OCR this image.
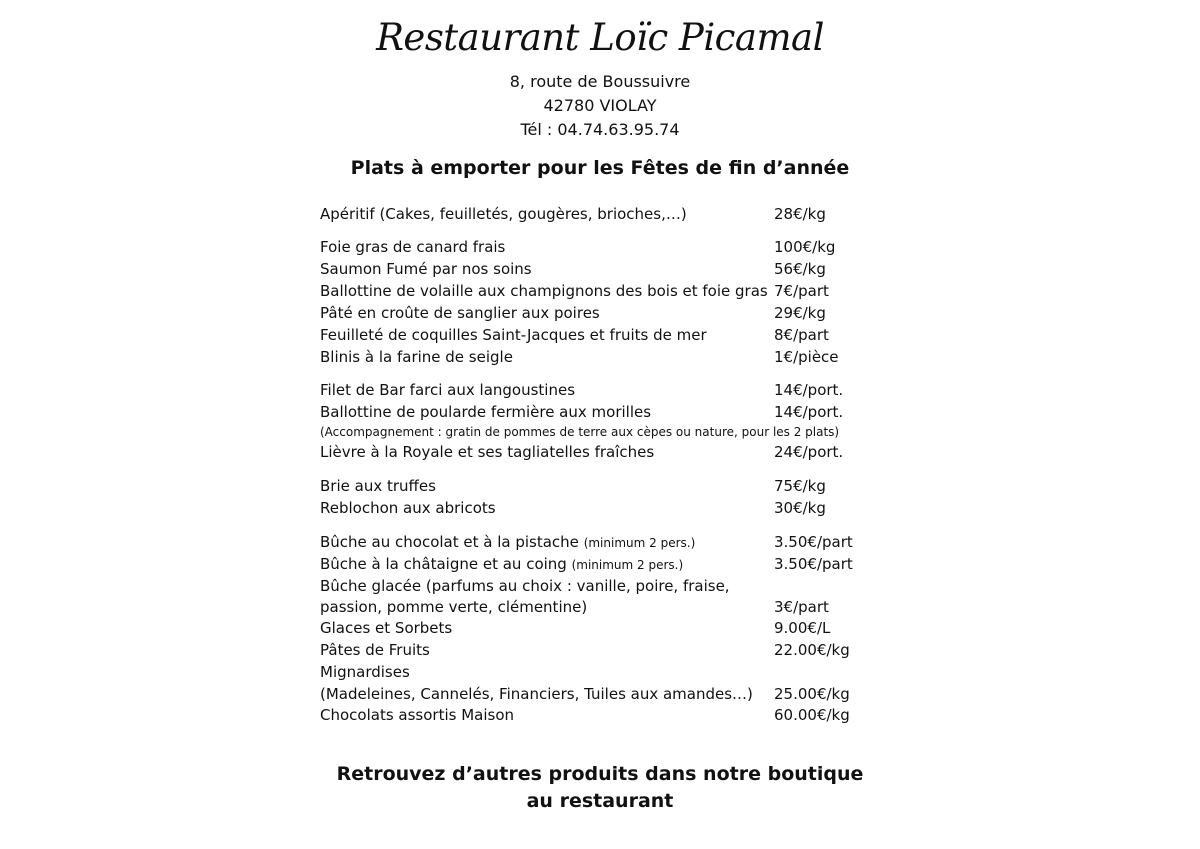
Restaurant Loïc Picamal
8, route de Boussuivre
42780 VIOLAY
Tél : 04.74.63.95.74
Plats à emporter pour les Fêtes de fin d’année
Apéritif (Cakes, feuilletés, gougères, brioches,…)	28€/kg
Foie gras de canard frais	100€/kg
Saumon Fumé par nos soins	56€/kg
Ballottine de volaille aux champignons des bois et foie gras 7€/part
Pâté en croûte de sanglier aux poires	29€/kg
Feuilleté de coquilles Saint-Jacques et fruits de mer	8€/part
Blinis à la farine de seigle	1€/pièce
Filet de Bar farci aux langoustines	14€/port.
Ballottine de poularde fermière aux morilles	14€/port.
(Accompagnement : gratin de pommes de terre aux cèpes ou nature, pour les 2 plats)
Lièvre à la Royale et ses tagliatelles fraîches	24€/port.
Brie aux truffes	75€/kg
Reblochon aux abricots	30€/kg
Bûche au chocolat et à la pistache (minimum 2 pers.)	3.50€/part
Bûche à la châtaigne et au coing (minimum 2 pers.)	3.50€/part
Bûche glacée (parfums au choix : vanille, poire, fraise,
passion, pomme verte, clémentine)	3€/part
Glaces et Sorbets	9.00€/L
Pâtes de Fruits	22.00€/kg
Mignardises
(Madeleines, Cannelés, Financiers, Tuiles aux amandes…) 25.00€/kg
Chocolats assortis Maison	60.00€/kg
Retrouvez d’autres produits dans notre boutique
au restaurant
